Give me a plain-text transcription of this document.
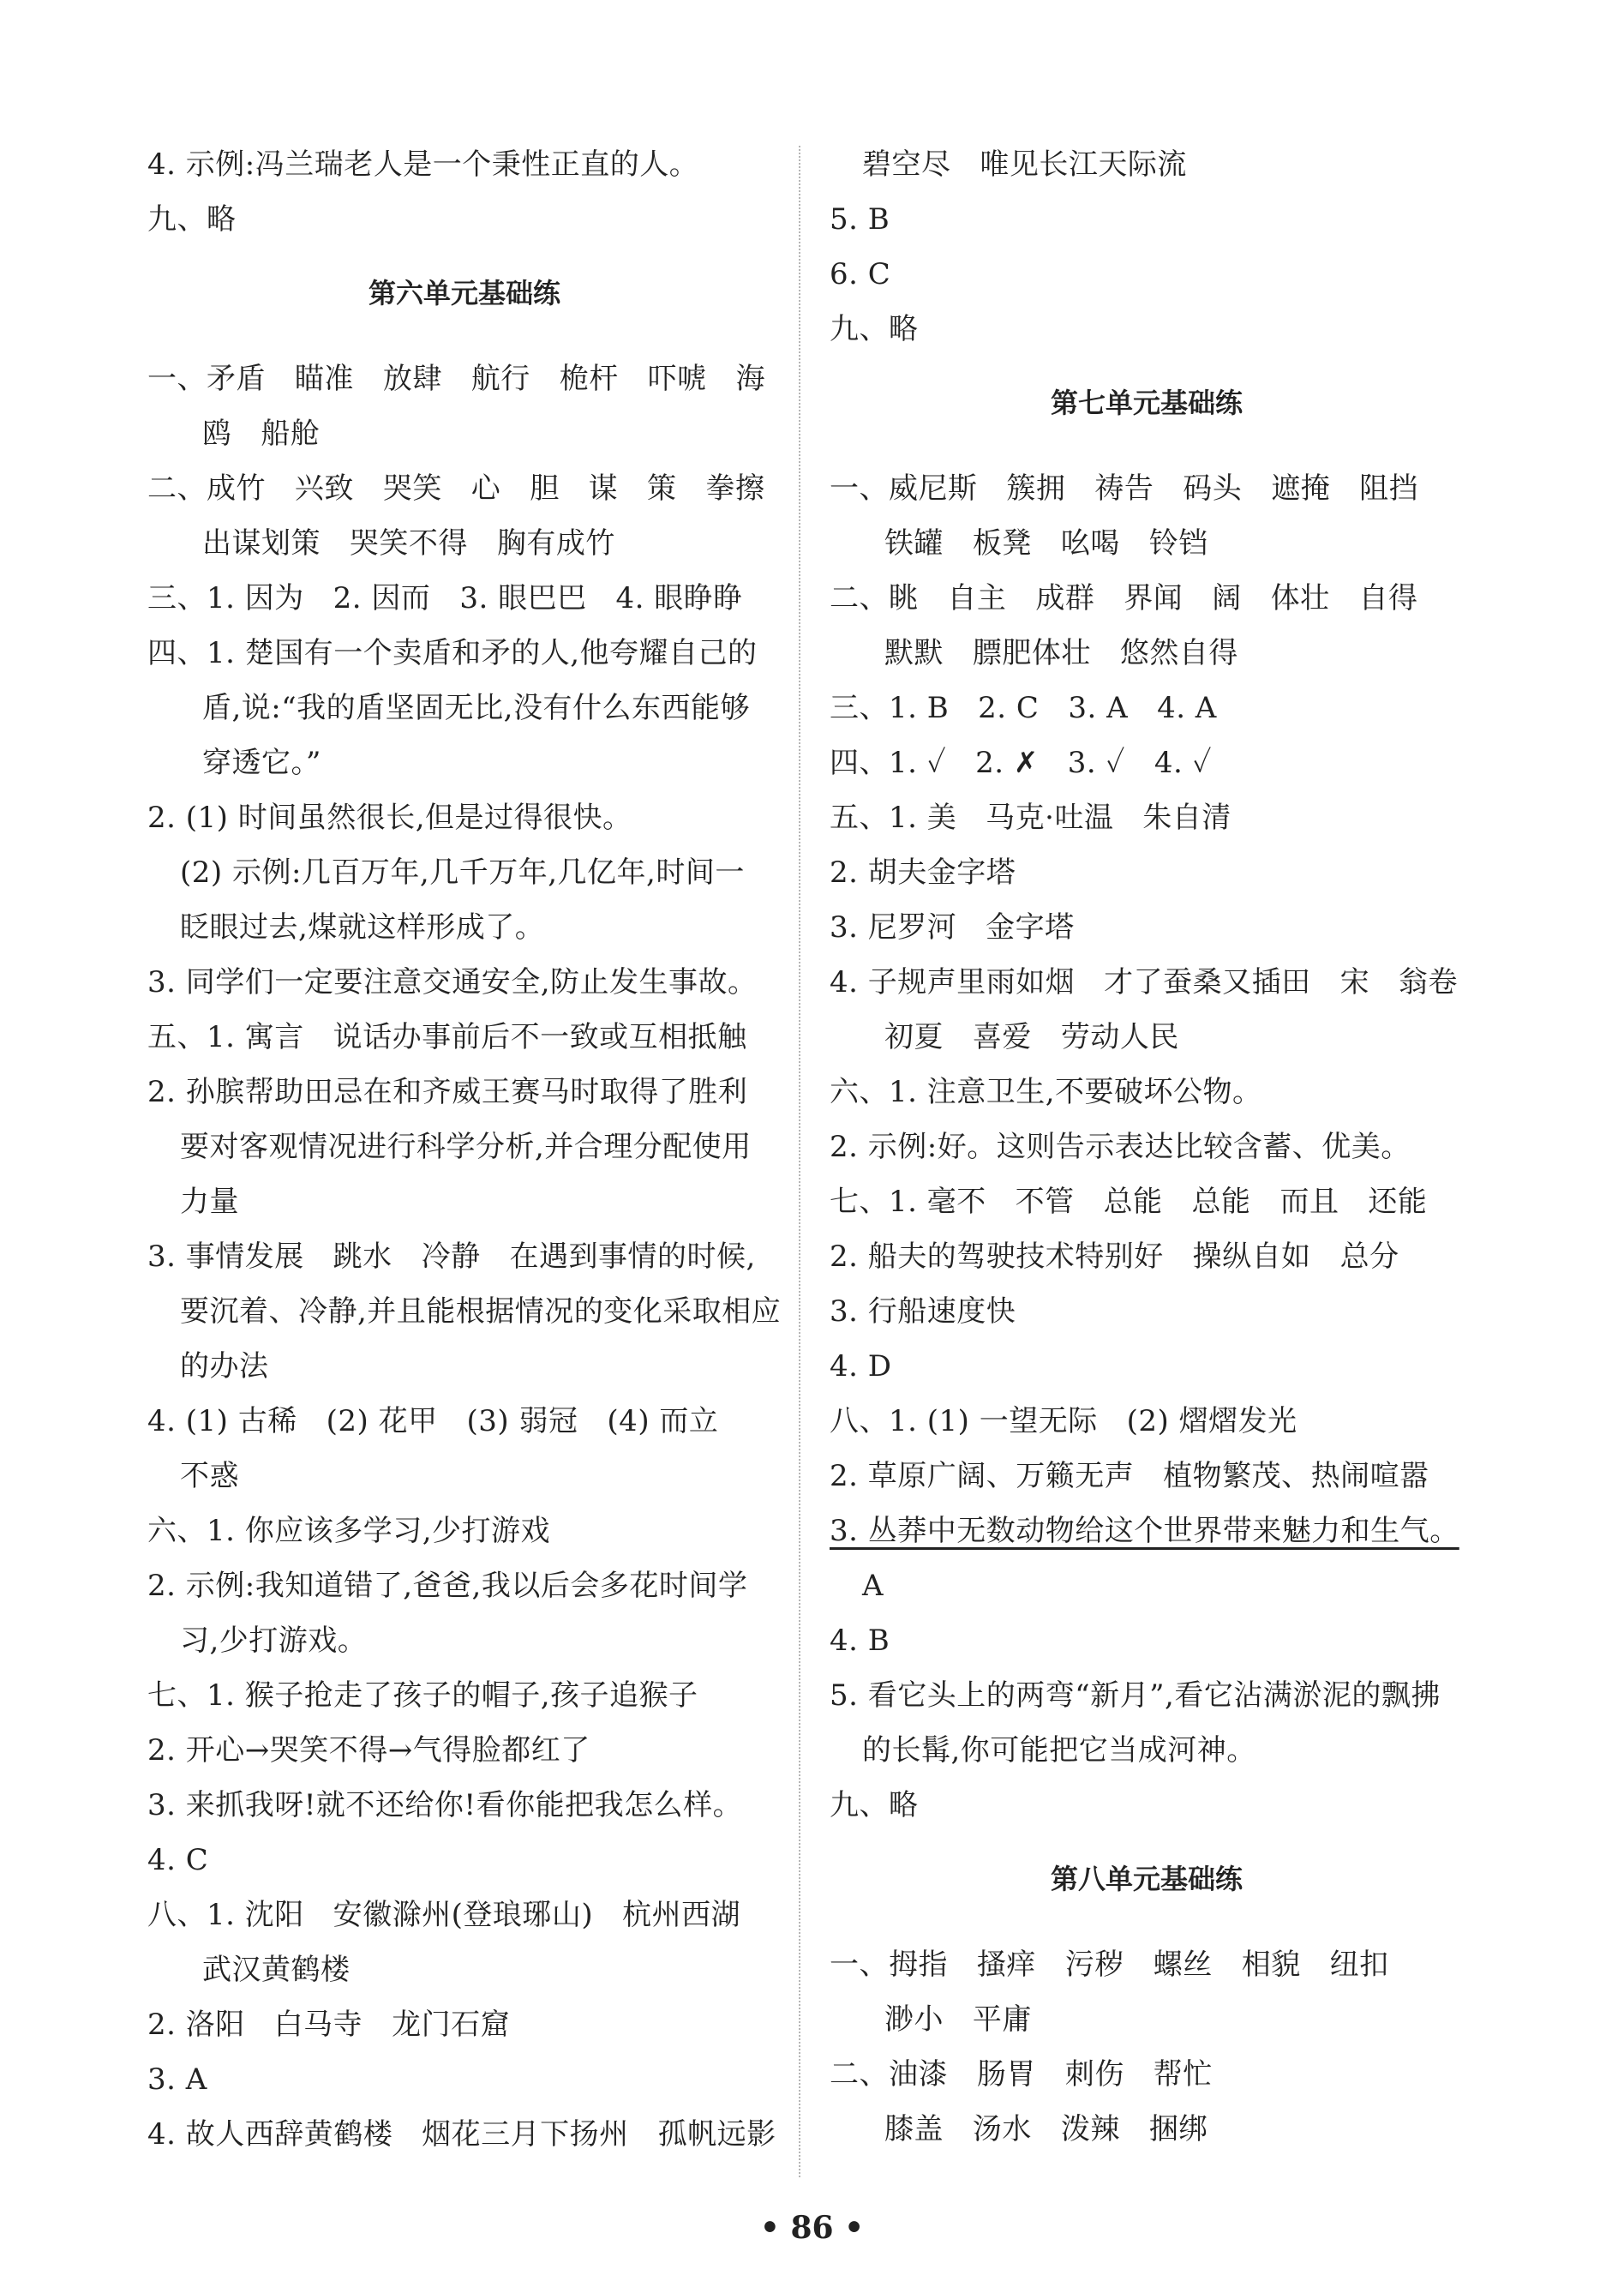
4. 示例:冯兰瑞老人是一个秉性正直的人。
九、略
第六单元基础练
一、矛盾   瞄准   放肆   航行   桅杆   吓唬   海
鸥   船舱
二、成竹   兴致   哭笑   心   胆   谋   策   拳擦
出谋划策   哭笑不得   胸有成竹
三、1. 因为   2. 因而   3. 眼巴巴   4. 眼睁睁
四、1. 楚国有一个卖盾和矛的人,他夸耀自己的
盾,说:“我的盾坚固无比,没有什么东西能够
穿透它。”
2. (1) 时间虽然很长,但是过得很快。
(2) 示例:几百万年,几千万年,几亿年,时间一
眨眼过去,煤就这样形成了。
3. 同学们一定要注意交通安全,防止发生事故。
五、1. 寓言   说话办事前后不一致或互相抵触
2. 孙膑帮助田忌在和齐威王赛马时取得了胜利
要对客观情况进行科学分析,并合理分配使用
力量
3. 事情发展   跳水   冷静   在遇到事情的时候,
要沉着、冷静,并且能根据情况的变化采取相应
的办法
4. (1) 古稀   (2) 花甲   (3) 弱冠   (4) 而立
不惑
六、1. 你应该多学习,少打游戏
2. 示例:我知道错了,爸爸,我以后会多花时间学
习,少打游戏。
七、1. 猴子抢走了孩子的帽子,孩子追猴子
2. 开心→哭笑不得→气得脸都红了
3. 来抓我呀!就不还给你!看你能把我怎么样。
4. C
八、1. 沈阳   安徽滁州(登琅琊山)   杭州西湖
武汉黄鹤楼
2. 洛阳   白马寺   龙门石窟
3. A
4. 故人西辞黄鹤楼   烟花三月下扬州   孤帆远影
碧空尽   唯见长江天际流
5. B
6. C
九、略
第七单元基础练
一、威尼斯   簇拥   祷告   码头   遮掩   阻挡
铁罐   板凳   吆喝   铃铛
二、眺   自主   成群   界闻   阔   体壮   自得
默默   膘肥体壮   悠然自得
三、1. B   2. C   3. A   4. A
四、1. ✓   2. ✗   3. ✓   4. ✓
五、1. 美   马克·吐温   朱自清
2. 胡夫金字塔
3. 尼罗河   金字塔
4. 子规声里雨如烟   才了蚕桑又插田   宋   翁卷
初夏   喜爱   劳动人民
六、1. 注意卫生,不要破坏公物。
2. 示例:好。这则告示表达比较含蓄、优美。
七、1. 毫不   不管   总能   总能   而且   还能
2. 船夫的驾驶技术特别好   操纵自如   总分
3. 行船速度快
4. D
八、1. (1) 一望无际   (2) 熠熠发光
2. 草原广阔、万籁无声   植物繁茂、热闹喧嚣
3. 丛莽中无数动物给这个世界带来魅力和生气。
A
4. B
5. 看它头上的两弯“新月”,看它沾满淤泥的飘拂
的长髯,你可能把它当成河神。
九、略
第八单元基础练
一、拇指   搔痒   污秽   螺丝   相貌   纽扣
渺小   平庸
二、油漆   肠胃   刺伤   帮忙
膝盖   汤水   泼辣   捆绑
• 86 •
